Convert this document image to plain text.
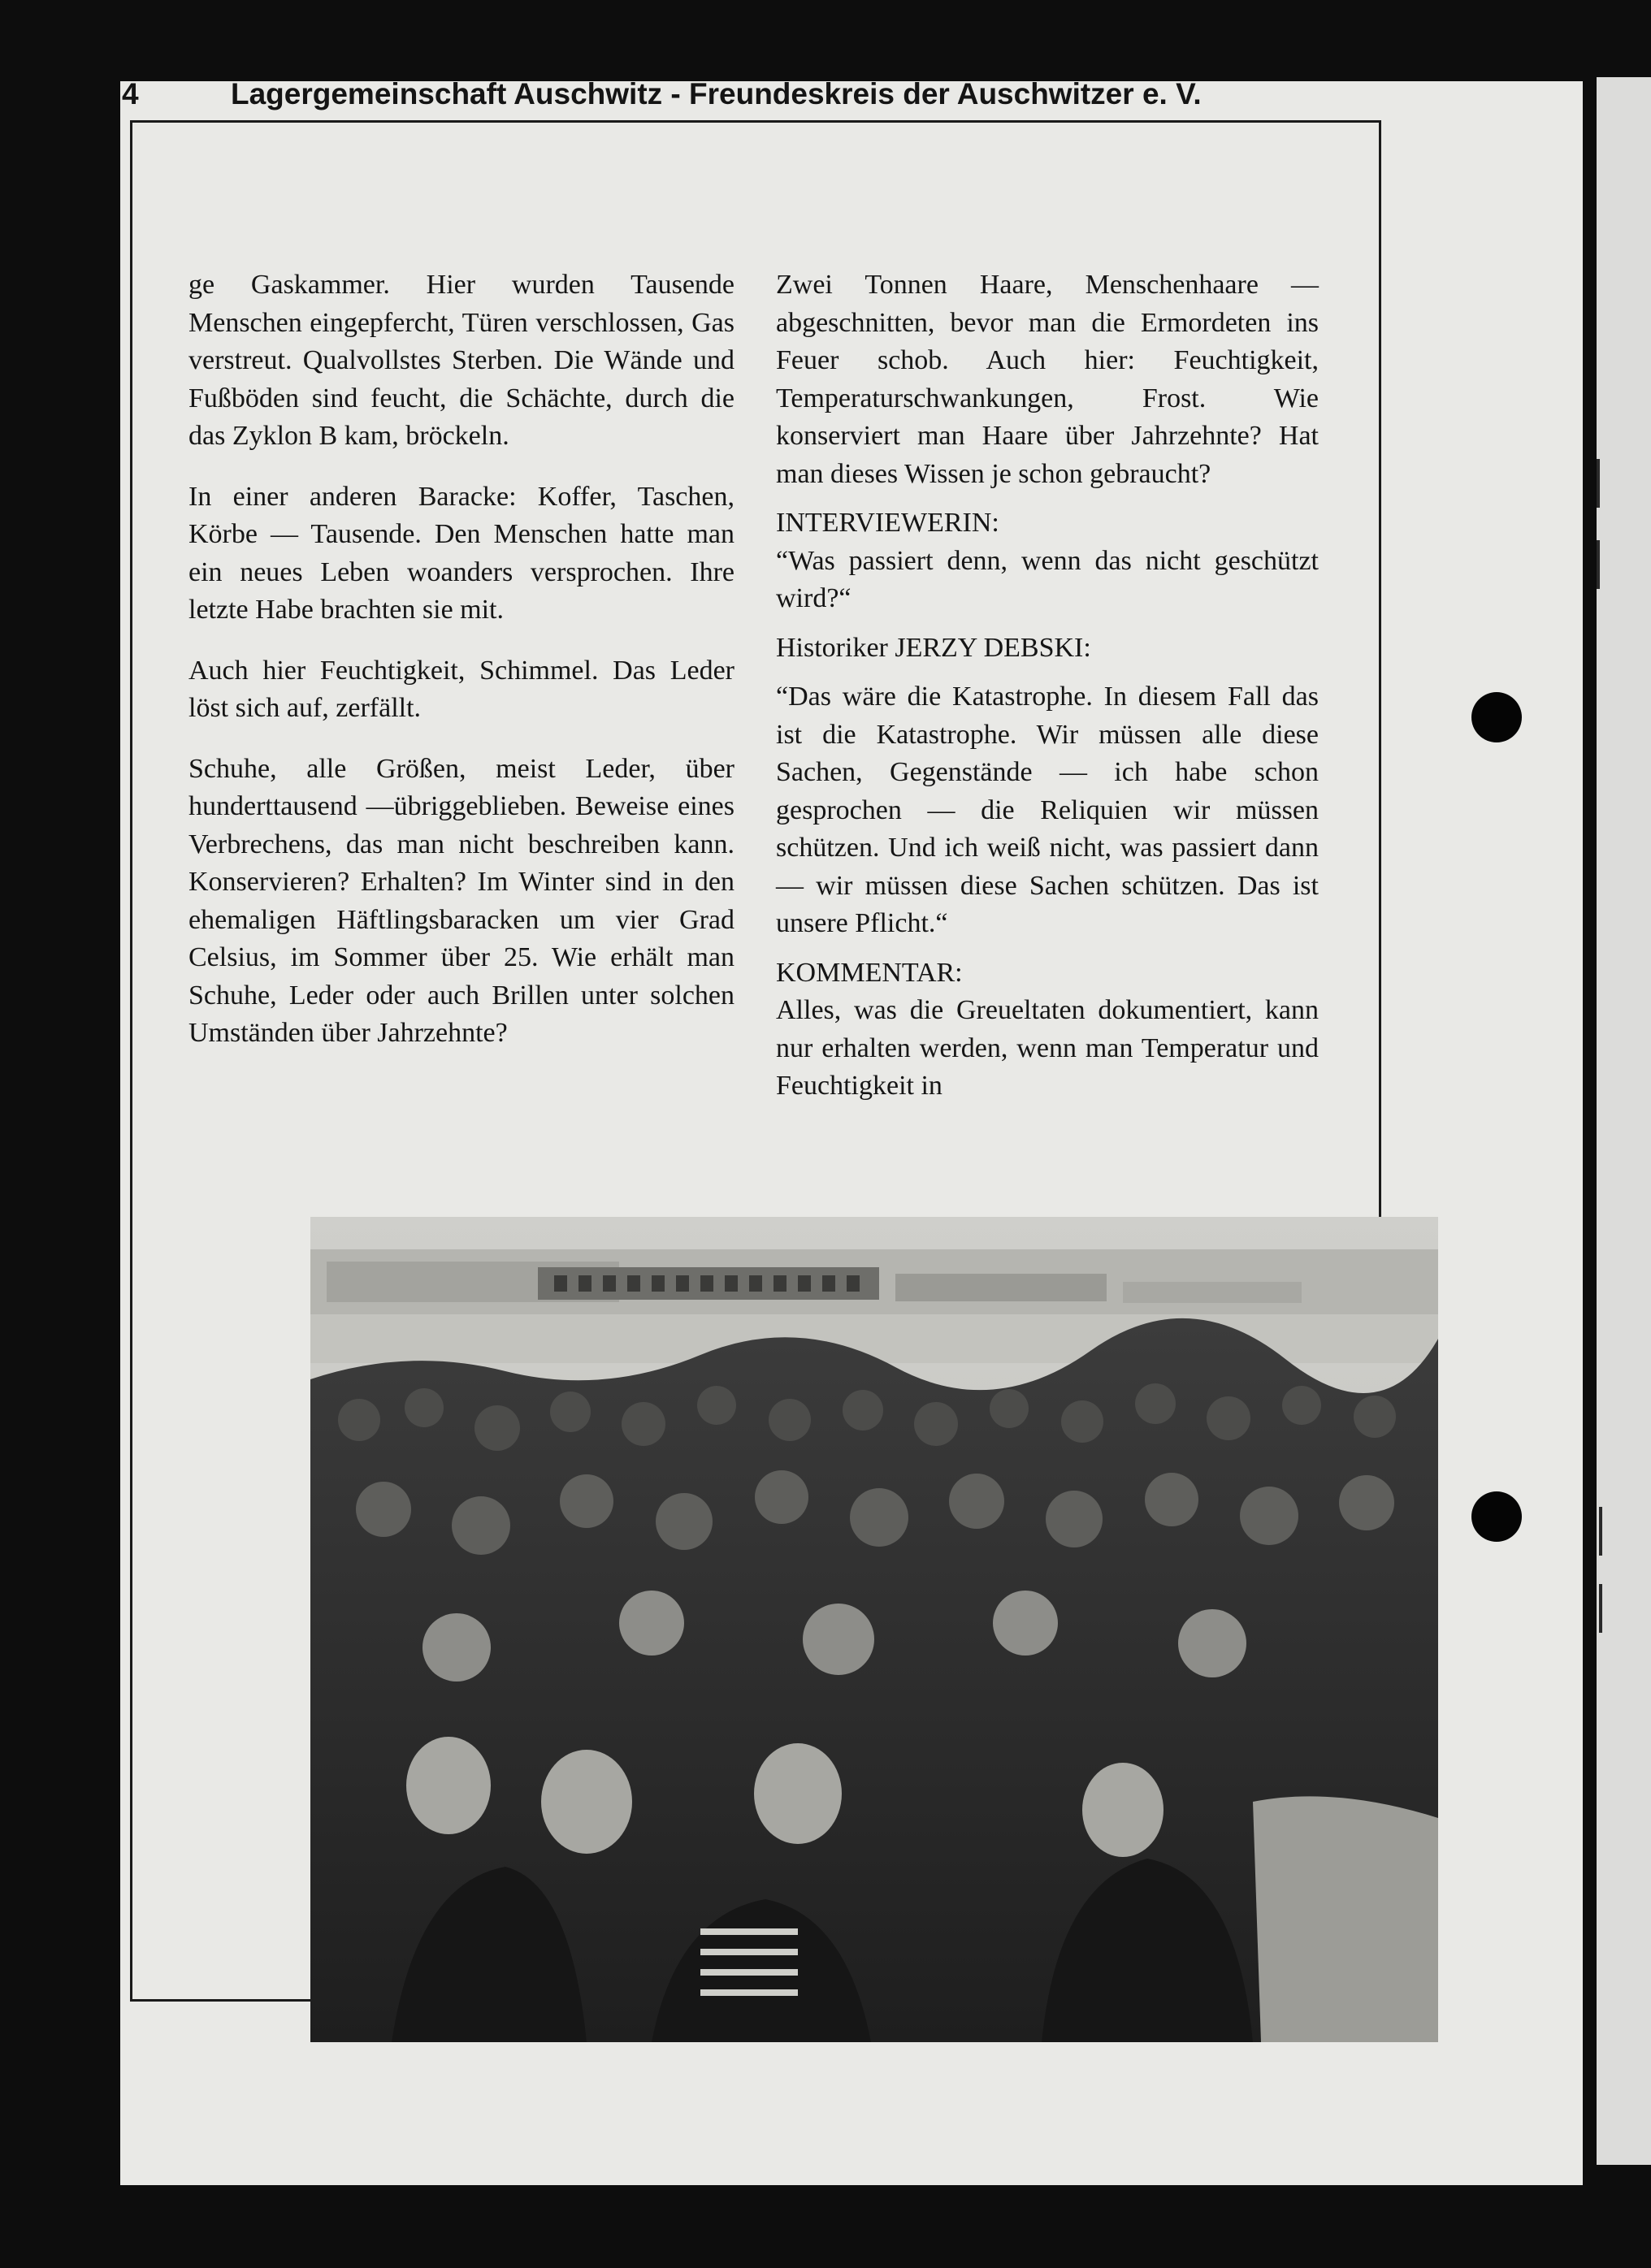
4	Lagergemeinschaft Auschwitz - Freundeskreis der Auschwitzer e. V.

ge Gaskammer. Hier wurden Tausende Menschen eingepfercht, Türen verschlossen, Gas verstreut. Qualvollstes Sterben. Die Wände und Fußböden sind feucht, die Schächte, durch die das Zyklon B kam, bröckeln.

In einer anderen Baracke: Koffer, Taschen, Körbe — Tausende. Den Menschen hatte man ein neues Leben woanders versprochen. Ihre letzte Habe brachten sie mit.

Auch hier Feuchtigkeit, Schimmel. Das Leder löst sich auf, zerfällt.

Schuhe, alle Größen, meist Leder, über hunderttausend —übriggeblieben. Beweise eines Verbrechens, das man nicht beschreiben kann. Konservieren? Erhalten? Im Winter sind in den ehemaligen Häftlingsbaracken um vier Grad Celsius, im Sommer über 25. Wie erhält man Schuhe, Leder oder auch Brillen unter solchen Umständen über Jahrzehnte?

Zwei Tonnen Haare, Menschenhaare — abgeschnitten, bevor man die Ermordeten ins Feuer schob. Auch hier: Feuchtigkeit, Temperaturschwankungen, Frost. Wie konserviert man Haare über Jahrzehnte? Hat man dieses Wissen je schon gebraucht?

INTERVIEWERIN:

“Was passiert denn, wenn das nicht geschützt wird?“

Historiker JERZY DEBSKI:

“Das wäre die Katastrophe. In diesem Fall das ist die Katastrophe. Wir müssen alle diese Sachen, Gegenstände — ich habe schon gesprochen — die Reliquien wir müssen schützen. Und ich weiß nicht, was passiert dann — wir müssen diese Sachen schützen. Das ist unsere Pflicht.“

KOMMENTAR:

Alles, was die Greueltaten dokumentiert, kann nur erhalten werden, wenn man Temperatur und Feuchtigkeit in
